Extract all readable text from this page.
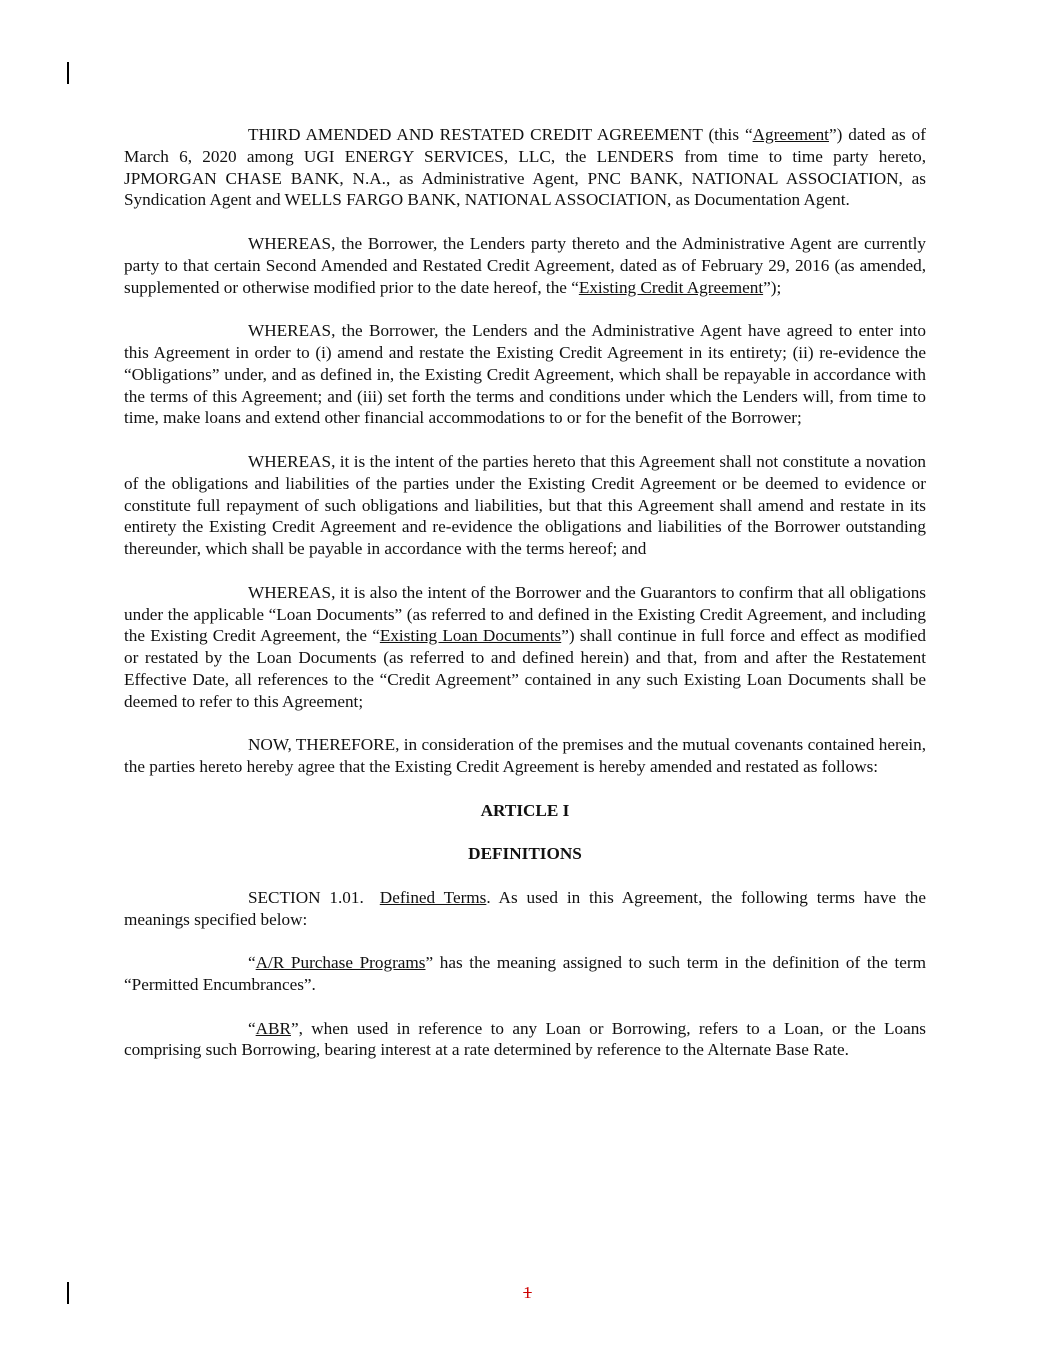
THIRD AMENDED AND RESTATED CREDIT AGREEMENT (this “Agreement”) dated as of March 6, 2020 among UGI ENERGY SERVICES, LLC, the LENDERS from time to time party hereto, JPMORGAN CHASE BANK, N.A., as Administrative Agent, PNC BANK, NATIONAL ASSOCIATION, as Syndication Agent and WELLS FARGO BANK, NATIONAL ASSOCIATION, as Documentation Agent.

WHEREAS, the Borrower, the Lenders party thereto and the Administrative Agent are currently party to that certain Second Amended and Restated Credit Agreement, dated as of February 29, 2016 (as amended, supplemented or otherwise modified prior to the date hereof, the “Existing Credit Agreement”);

WHEREAS, the Borrower, the Lenders and the Administrative Agent have agreed to enter into this Agreement in order to (i) amend and restate the Existing Credit Agreement in its entirety; (ii) re-evidence the “Obligations” under, and as defined in, the Existing Credit Agreement, which shall be repayable in accordance with the terms of this Agreement; and (iii) set forth the terms and conditions under which the Lenders will, from time to time, make loans and extend other financial accommodations to or for the benefit of the Borrower;

WHEREAS, it is the intent of the parties hereto that this Agreement shall not constitute a novation of the obligations and liabilities of the parties under the Existing Credit Agreement or be deemed to evidence or constitute full repayment of such obligations and liabilities, but that this Agreement shall amend and restate in its entirety the Existing Credit Agreement and re-evidence the obligations and liabilities of the Borrower outstanding thereunder, which shall be payable in accordance with the terms hereof; and

WHEREAS, it is also the intent of the Borrower and the Guarantors to confirm that all obligations under the applicable “Loan Documents” (as referred to and defined in the Existing Credit Agreement, and including the Existing Credit Agreement, the “Existing Loan Documents”) shall continue in full force and effect as modified or restated by the Loan Documents (as referred to and defined herein) and that, from and after the Restatement Effective Date, all references to the “Credit Agreement” contained in any such Existing Loan Documents shall be deemed to refer to this Agreement;

NOW, THEREFORE, in consideration of the premises and the mutual covenants contained herein, the parties hereto hereby agree that the Existing Credit Agreement is hereby amended and restated as follows:

ARTICLE I

DEFINITIONS

SECTION 1.01. Defined Terms. As used in this Agreement, the following terms have the meanings specified below:

“A/R Purchase Programs” has the meaning assigned to such term in the definition of the term “Permitted Encumbrances”.

“ABR”, when used in reference to any Loan or Borrowing, refers to a Loan, or the Loans comprising such Borrowing, bearing interest at a rate determined by reference to the Alternate Base Rate.

1
